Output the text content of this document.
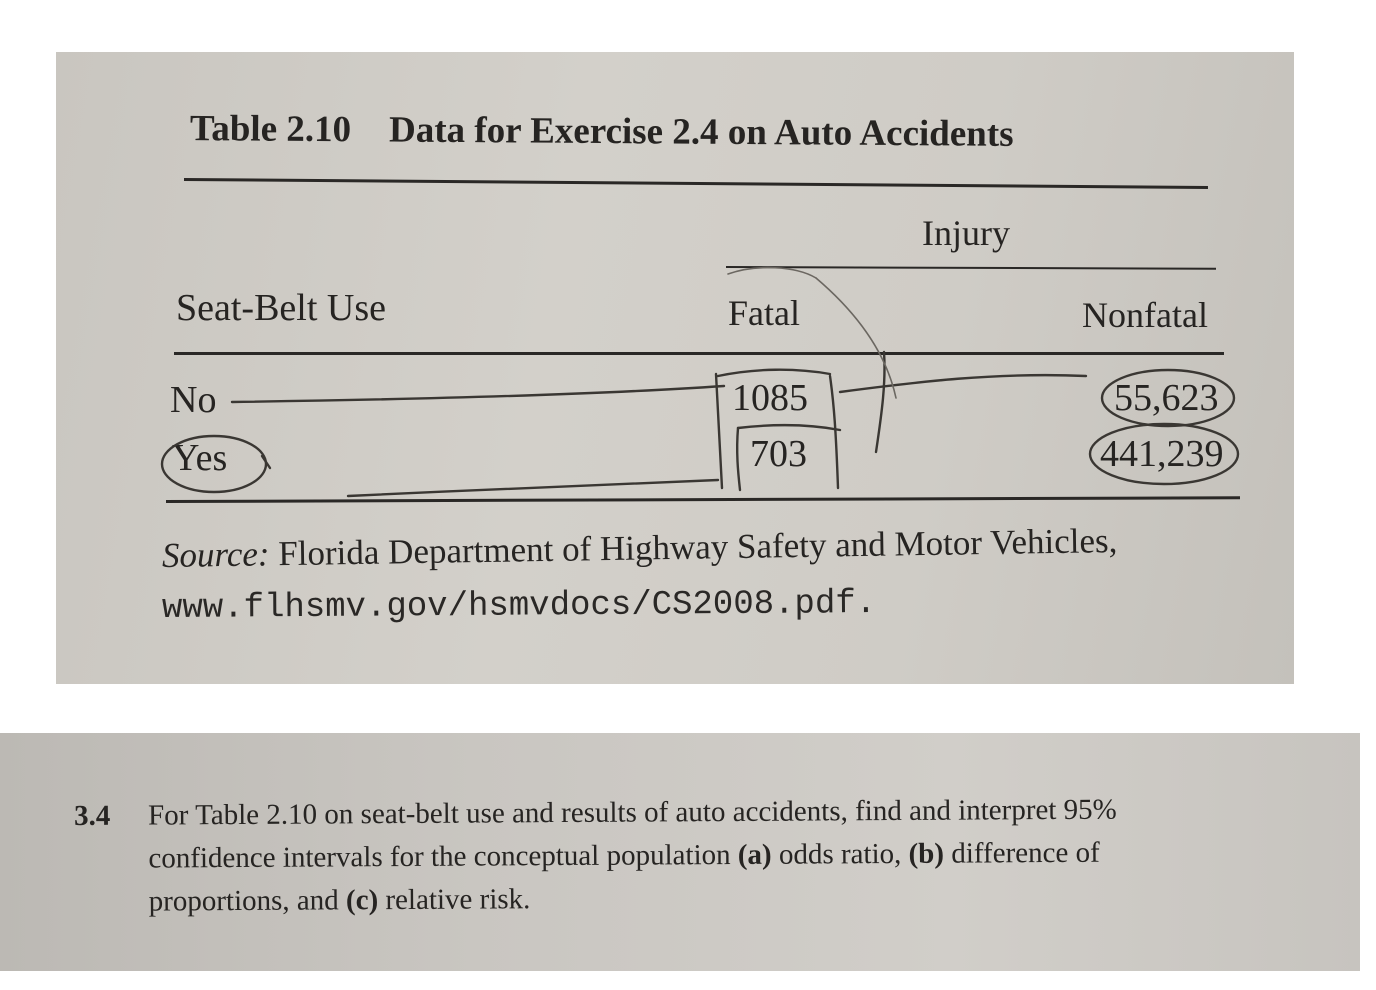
Table 2.10 Data for Exercise 2.4 on Auto Accidents
Injury
Seat-Belt Use	Fatal	Nonfatal
No	1085	55,623
Yes	703	441,239
Source: Florida Department of Highway Safety and Motor Vehicles,
www.flhsmv.gov/hsmvdocs/CS2008.pdf.
3.4 For Table 2.10 on seat-belt use and results of auto accidents, find and interpret 95%
confidence intervals for the conceptual population (a) odds ratio, (b) difference of
proportions, and (c) relative risk.
